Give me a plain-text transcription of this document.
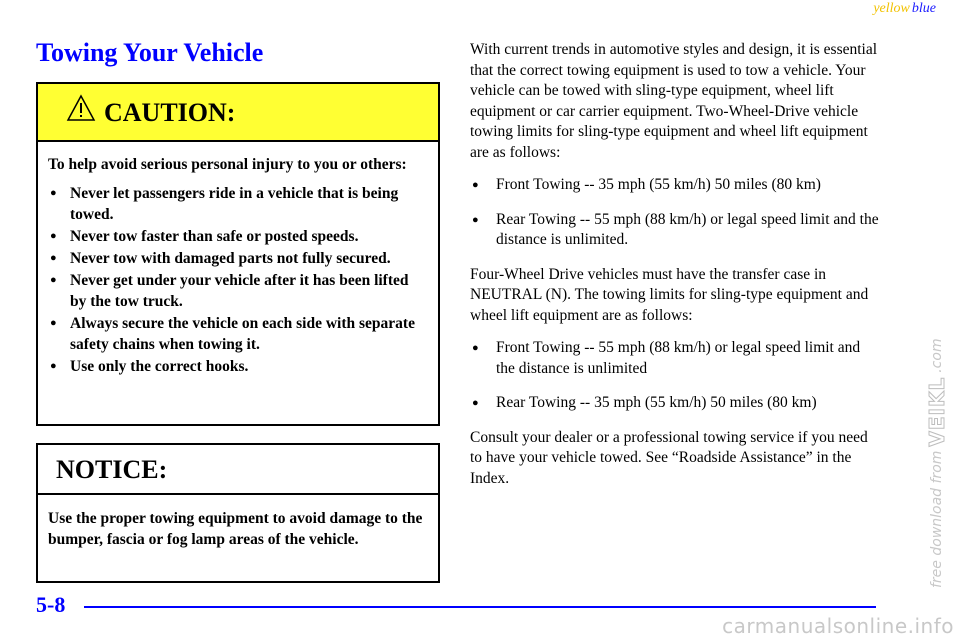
yellow blue
Towing Your Vehicle
CAUTION:

To help avoid serious personal injury to you or others:

● Never let passengers ride in a vehicle that is being towed.
● Never tow faster than safe or posted speeds.
● Never tow with damaged parts not fully secured.
● Never get under your vehicle after it has been lifted by the tow truck.
● Always secure the vehicle on each side with separate safety chains when towing it.
● Use only the correct hooks.
NOTICE:
Use the proper towing equipment to avoid damage to the bumper, fascia or fog lamp areas of the vehicle.

With current trends in automotive styles and design, it is essential that the correct towing equipment is used to tow a vehicle. Your vehicle can be towed with sling-type equipment, wheel lift equipment or car carrier equipment. Two-Wheel-Drive vehicle towing limits for sling-type equipment and wheel lift equipment are as follows:

● Front Towing -- 35 mph (55 km/h) 50 miles (80 km)
● Rear Towing -- 55 mph (88 km/h) or legal speed limit and the distance is unlimited.

Four-Wheel Drive vehicles must have the transfer case in NEUTRAL (N). The towing limits for sling-type equipment and wheel lift equipment are as follows:

● Front Towing -- 55 mph (88 km/h) or legal speed limit and the distance is unlimited
● Rear Towing -- 35 mph (55 km/h) 50 miles (80 km)

Consult your dealer or a professional towing service if you need to have your vehicle towed. See “Roadside Assistance” in the Index.

5-8
carmanualsonline.info
free download from
VEIKL
.com
